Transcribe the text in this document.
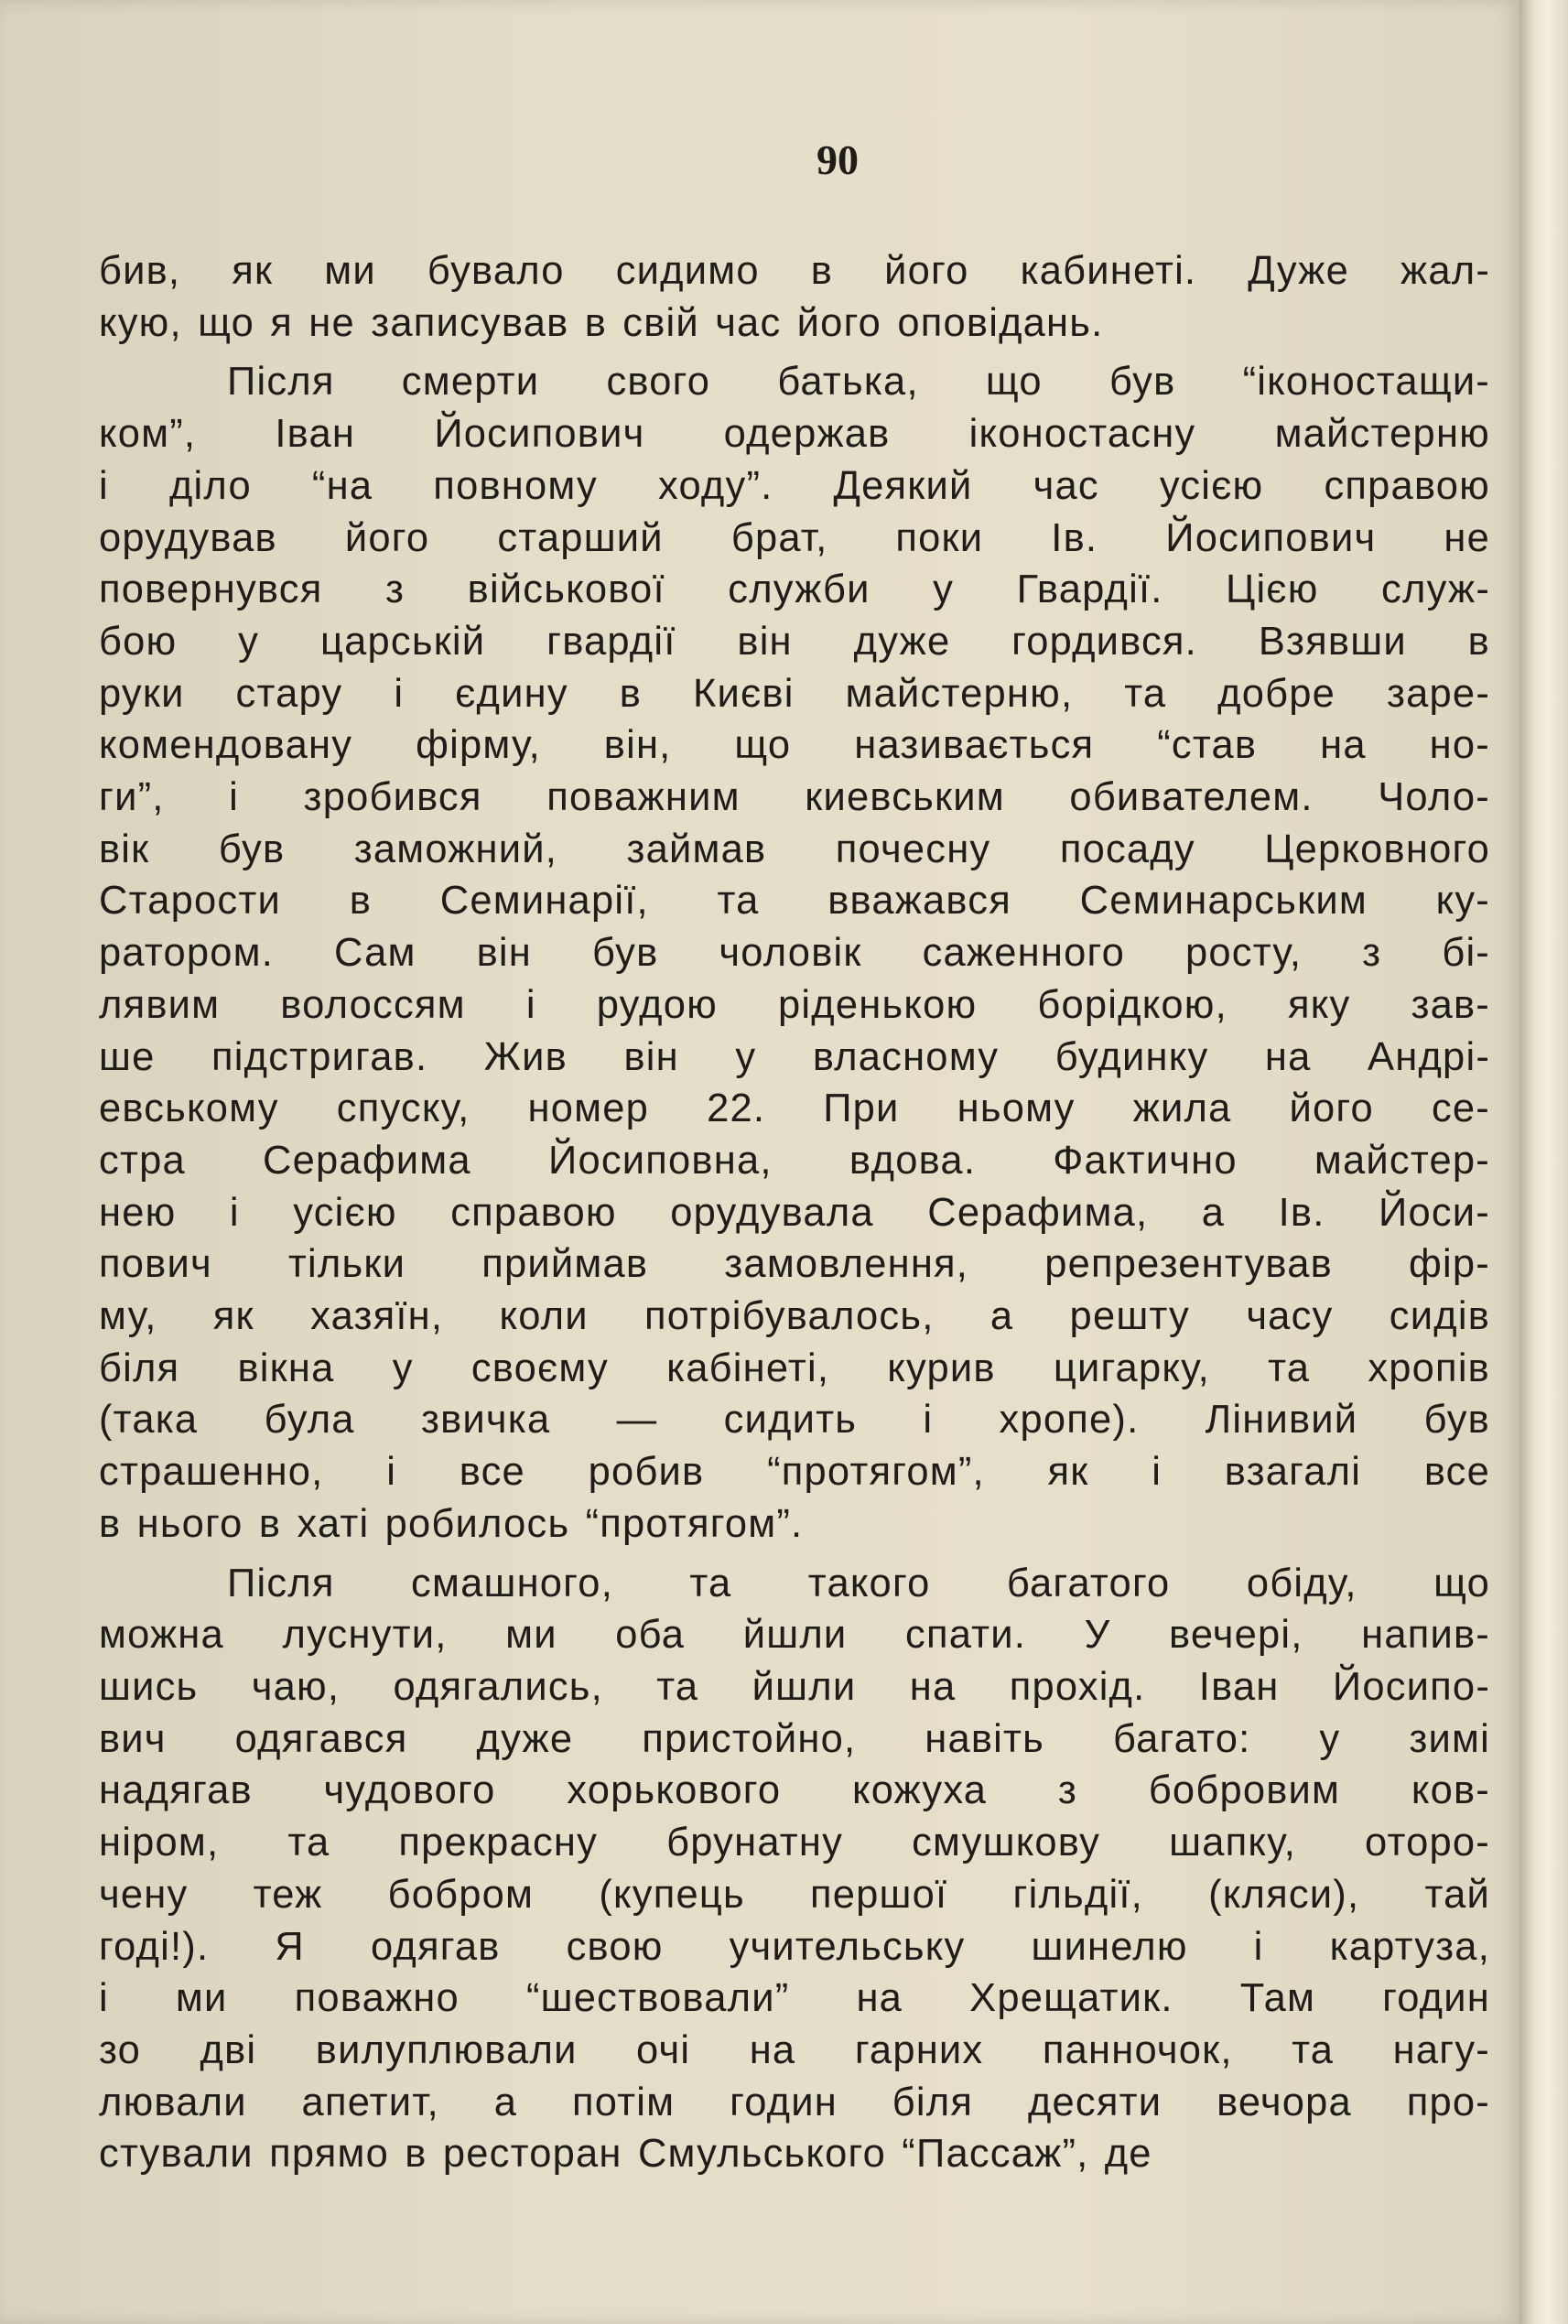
90
бив, як ми бувало сидимо в його кабинеті. Дуже жал-
кую, що я не записував в свій час його оповідань.
Після смерти свого батька, що був “іконостащи-
ком”, Іван Йосипович одержав іконостасну майстерню
і діло “на повному ходу”. Деякий час усією справою
орудував його старший брат, поки Ів. Йосипович не
повернувся з військової служби у Гвардії. Цією служ-
бою у царській гвардії він дуже гордився. Взявши в
руки стару і єдину в Києві майстерню, та добре заре-
комендовану фірму, він, що називається “став на но-
ги”, і зробився поважним киевським обивателем. Чоло-
вік був заможний, займав почесну посаду Церковного
Старости в Семинарії, та вважався Семинарським ку-
ратором. Сам він був чоловік саженного росту, з бі-
лявим волоссям і рудою ріденькою борідкою, яку зав-
ше підстригав. Жив він у власному будинку на Андрі-
евському спуску, номер 22. При ньому жила його се-
стра Серафима Йосиповна, вдова. Фактично майстер-
нею і усією справою орудувала Серафима, а Ів. Йоси-
пович тільки приймав замовлення, репрезентував фір-
му, як хазяїн, коли потрібувалось, а решту часу сидів
біля вікна у своєму кабінеті, курив цигарку, та хропів
(така була звичка — сидить і хропе). Лінивий був
страшенно, і все робив “протягом”, як і взагалі все
в нього в хаті робилось “протягом”.
Після смашного, та такого багатого обіду, що
можна луснути, ми оба йшли спати. У вечері, напив-
шись чаю, одягались, та йшли на прохід. Іван Йосипо-
вич одягався дуже пристойно, навіть багато: у зимі
надягав чудового хорькового кожуха з бобровим ков-
ніром, та прекрасну брунатну смушкову шапку, оторо-
чену теж бобром (купець першої гільдії, (кляси), тай
годі!). Я одягав свою учительську шинелю і картуза,
і ми поважно “шествовали” на Хрещатик. Там годин
зо дві вилуплювали очі на гарних панночок, та нагу-
лювали апетит, а потім годин біля десяти вечора про-
стували прямо в ресторан Смульського “Пассаж”, де
